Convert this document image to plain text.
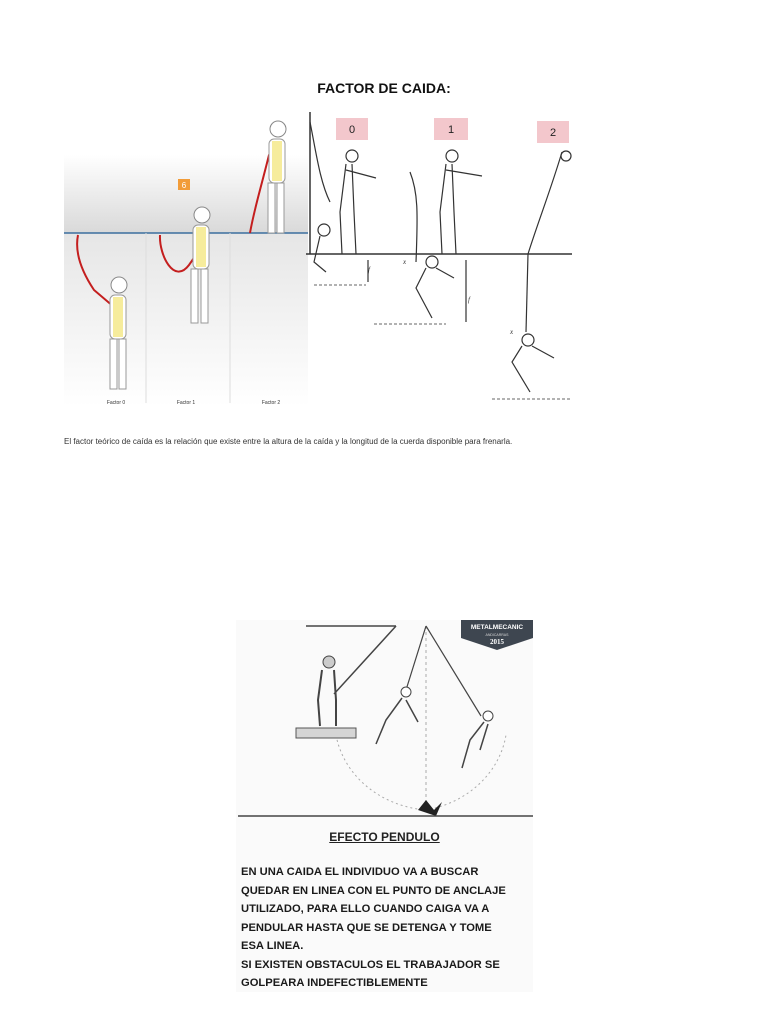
FACTOR DE CAIDA:
6
Factor 0	Factor 1	Factor 2
0	1	2
f
x
f
x
El factor teórico de caída es la relación que existe entre la altura de la caída y la longitud de la cuerda disponible para frenarla.
METALMECANIC
ANDICARRAS
2015
EFECTO PENDULO
EN UNA CAIDA EL INDIVIDUO VA A BUSCAR
QUEDAR EN LINEA CON EL PUNTO DE ANCLAJE
UTILIZADO, PARA ELLO CUANDO CAIGA VA A
PENDULAR HASTA QUE SE DETENGA Y TOME
ESA LINEA.
SI EXISTEN OBSTACULOS EL TRABAJADOR SE
GOLPEARA INDEFECTIBLEMENTE
